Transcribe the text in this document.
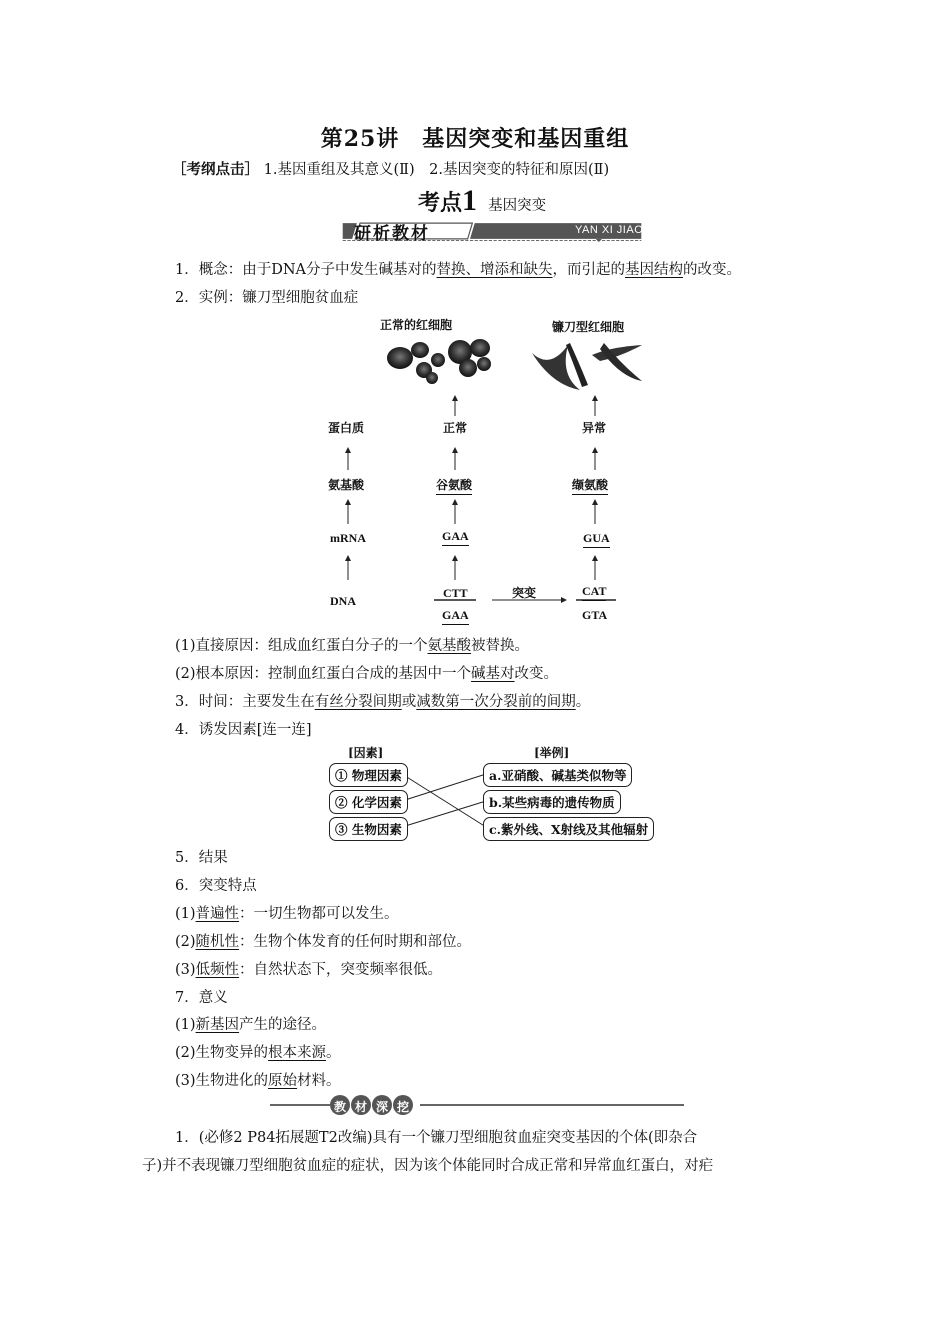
第25讲　基因突变和基因重组
［考纲点击］ 1.基因重组及其意义(Ⅱ)　2.基因突变的特征和原因(Ⅱ)
考点1 基因突变
研析教材	YAN XI JIAO CAI
1．概念：由于DNA分子中发生碱基对的替换、增添和缺失，而引起的基因结构的改变。
2．实例：镰刀型细胞贫血症
正常的红细胞	镰刀型红细胞
蛋白质
氨基酸
mRNA
DNA
正常
谷氨酸
GAA
CTT
GAA
异常
缬氨酸
GUA
CAT
GTA
突变
(1)直接原因：组成血红蛋白分子的一个氨基酸被替换。
(2)根本原因：控制血红蛋白合成的基因中一个碱基对改变。
3．时间：主要发生在有丝分裂间期或减数第一次分裂前的间期。
4．诱发因素[连一连]
[因素]	[举例]
① 物理因素
② 化学因素
③ 生物因素
a.亚硝酸、碱基类似物等
b.某些病毒的遗传物质
c.紫外线、X射线及其他辐射
5．结果
6．突变特点
(1)普遍性：一切生物都可以发生。
(2)随机性：生物个体发育的任何时期和部位。
(3)低频性：自然状态下，突变频率很低。
7．意义
(1)新基因产生的途径。
(2)生物变异的根本来源。
(3)生物进化的原始材料。
教 材 深 挖
1．(必修2 P84拓展题T2改编)具有一个镰刀型细胞贫血症突变基因的个体(即杂合
子)并不表现镰刀型细胞贫血症的症状，因为该个体能同时合成正常和异常血红蛋白，对疟
